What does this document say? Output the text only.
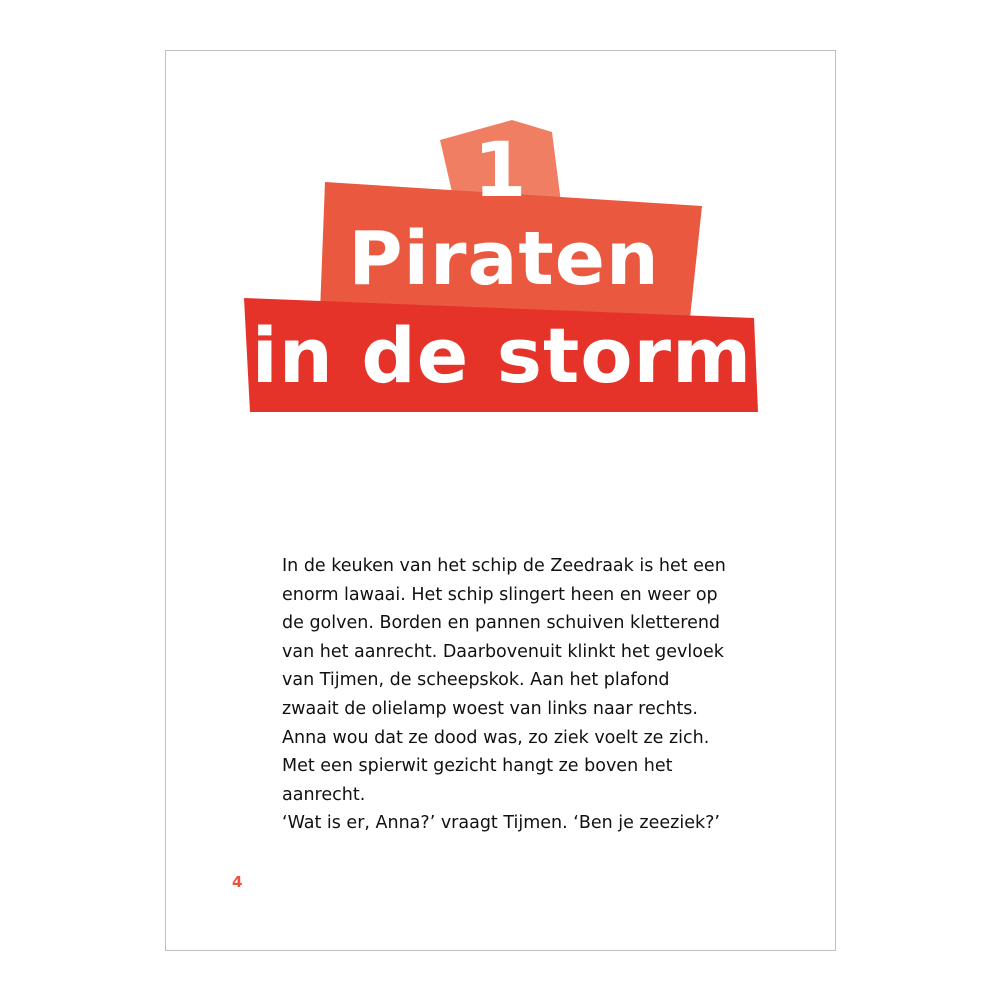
1
Piraten
in de storm
In de keuken van het schip de Zeedraak is het een
enorm lawaai. Het schip slingert heen en weer op
de golven. Borden en pannen schuiven kletterend
van het aanrecht. Daarbovenuit klinkt het gevloek
van Tijmen, de scheepskok. Aan het plafond
zwaait de olielamp woest van links naar rechts.
Anna wou dat ze dood was, zo ziek voelt ze zich.
Met een spierwit gezicht hangt ze boven het
aanrecht.
‘Wat is er, Anna?’ vraagt Tijmen. ‘Ben je zeeziek?’
4
